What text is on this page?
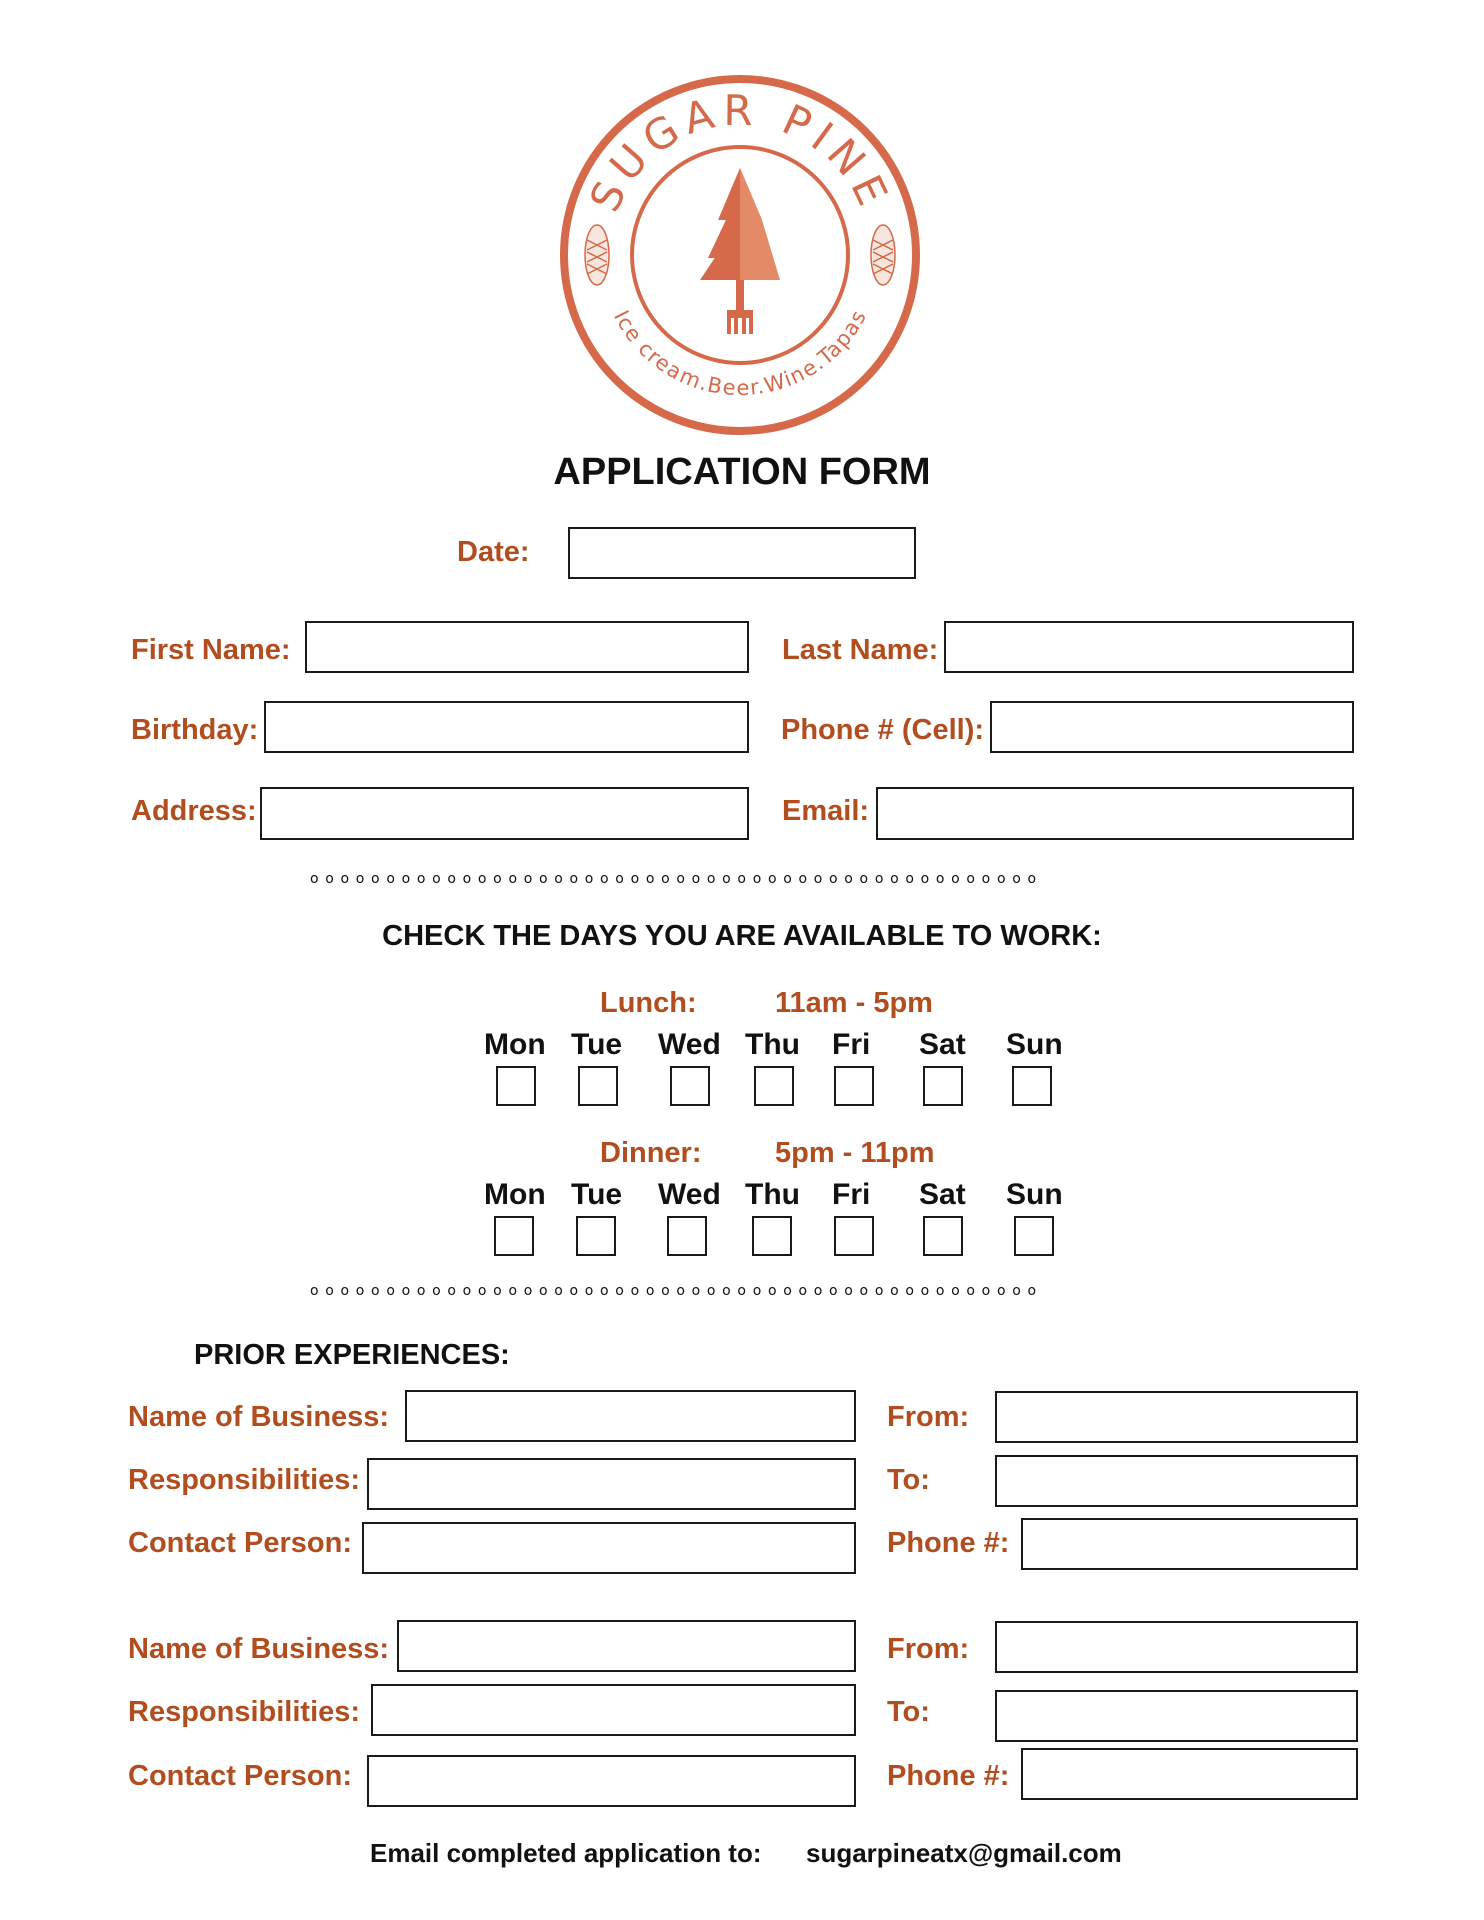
SUGAR PINE
Ice cream.Beer.Wine.Tapas
APPLICATION FORM
Date:
First Name:	Last Name:
Birthday:	Phone # (Cell):
Address:	Email:
oooooooooooooooooooooooooooooooooooooooooooooooo
CHECK THE DAYS YOU ARE AVAILABLE TO WORK:
Lunch:	11am - 5pm
Mon Tue Wed Thu Fri Sat Sun
Dinner:	5pm - 11pm
Mon Tue Wed Thu Fri Sat Sun
oooooooooooooooooooooooooooooooooooooooooooooooo
PRIOR EXPERIENCES:
Name of Business:	From:
Responsibilities:	To:
Contact Person:	Phone #:
Name of Business:	From:
Responsibilities:	To:
Contact Person:	Phone #:
Email completed application to: sugarpineatx@gmail.com
